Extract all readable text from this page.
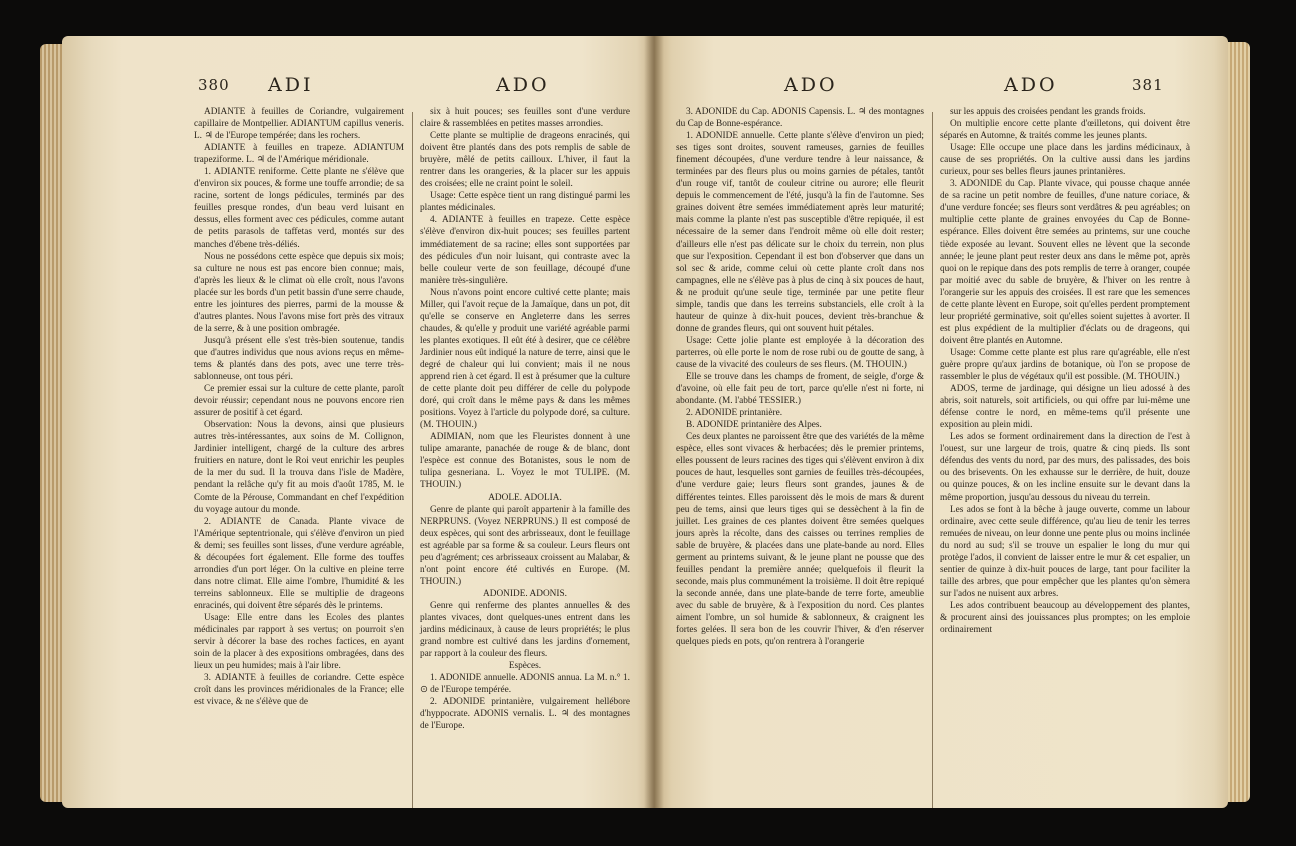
380 ADI	ADO

ADIANTE à feuilles de Coriandre, vulgairement capillaire de Montpellier. ADIANTUM capillus veneris. L. ♃ de l'Europe tempérée; dans les rochers.

ADIANTE à feuilles en trapeze. ADIANTUM trapeziforme. L. ♃ de l'Amérique méridionale.

1. ADIANTE reniforme. Cette plante ne s'élève que d'environ six pouces, & forme une touffe arrondie; de sa racine, sortent de longs pédicules, terminés par des feuilles presque rondes, d'un beau verd luisant en dessus, elles forment avec ces pédicules, comme autant de petits parasols de taffetas verd, montés sur des manches d'ébene très-déliés.

Nous ne possédons cette espèce que depuis six mois; sa culture ne nous est pas encore bien connue; mais, d'après les lieux & le climat où elle croît, nous l'avons placée sur les bords d'un petit bassin d'une serre chaude, entre les jointures des pierres, parmi de la mousse & d'autres plantes. Nous l'avons mise fort près des vitraux de la serre, & à une position ombragée.

Jusqu'à présent elle s'est très-bien soutenue, tandis que d'autres individus que nous avions reçus en même-tems & plantés dans des pots, avec une terre très-sablonneuse, ont tous péri.

Ce premier essai sur la culture de cette plante, paroît devoir réussir; cependant nous ne pouvons encore rien assurer de positif à cet égard.

Observation: Nous la devons, ainsi que plusieurs autres très-intéressantes, aux soins de M. Collignon, Jardinier intelligent, chargé de la culture des arbres fruitiers en nature, dont le Roi veut enrichir les peuples de la mer du sud. Il la trouva dans l'isle de Madère, pendant la relâche qu'y fit au mois d'août 1785, M. le Comte de la Pérouse, Commandant en chef l'expédition du voyage autour du monde.

2. ADIANTE de Canada. Plante vivace de l'Amérique septentrionale, qui s'élève d'environ un pied & demi; ses feuilles sont lisses, d'une verdure agréable, & découpées fort également. Elle forme des touffes arrondies d'un port léger. On la cultive en pleine terre dans notre climat. Elle aime l'ombre, l'humidité & les terreins sablonneux. Elle se multiplie de drageons enracinés, qui doivent être séparés dès le printems.

Usage: Elle entre dans les Ecoles des plantes médicinales par rapport à ses vertus; on pourroit s'en servir à décorer la base des roches factices, en ayant soin de la placer à des expositions ombragées, dans des lieux un peu humides; mais à l'air libre.

3. ADIANTE à feuilles de coriandre. Cette espèce croît dans les provinces méridionales de la France; elle est vivace, & ne s'élève que de

six à huit pouces; ses feuilles sont d'une verdure claire & rassemblées en petites masses arrondies.

Cette plante se multiplie de drageons enracinés, qui doivent être plantés dans des pots remplis de sable de bruyère, mêlé de petits cailloux. L'hiver, il faut la rentrer dans les orangeries, & la placer sur les appuis des croisées; elle ne craint point le soleil.

Usage: Cette espèce tient un rang distingué parmi les plantes médicinales.

4. ADIANTE à feuilles en trapeze. Cette espèce s'élève d'environ dix-huit pouces; ses feuilles partent immédiatement de sa racine; elles sont supportées par des pédicules d'un noir luisant, qui contraste avec la belle couleur verte de son feuillage, découpé d'une manière très-singulière.

Nous n'avons point encore cultivé cette plante; mais Miller, qui l'avoit reçue de la Jamaïque, dans un pot, dit qu'elle se conserve en Angleterre dans les serres chaudes, & qu'elle y produit une variété agréable parmi les plantes exotiques. Il eût été à desirer, que ce célèbre Jardinier nous eût indiqué la nature de terre, ainsi que le degré de chaleur qui lui convient; mais il ne nous apprend rien à cet égard. Il est à présumer que la culture de cette plante doit peu différer de celle du polypode doré, qui croît dans le même pays & dans les mêmes positions. Voyez à l'article du polypode doré, sa culture. (M. THOUIN.)

ADIMIAN, nom que les Fleuristes donnent à une tulipe amarante, panachée de rouge & de blanc, dont l'espèce est connue des Botanistes, sous le nom de tulipa gesneriana. L. Voyez le mot TULIPE. (M. THOUIN.)

ADOLE. ADOLIA.

Genre de plante qui paroît appartenir à la famille des NERPRUNS. (Voyez NERPRUNS.) Il est composé de deux espèces, qui sont des arbrisseaux, dont le feuillage est agréable par sa forme & sa couleur. Leurs fleurs ont peu d'agrément; ces arbrisseaux croissent au Malabar, & n'ont point encore été cultivés en Europe. (M. THOUIN.)

ADONIDE. ADONIS.

Genre qui renferme des plantes annuelles & des plantes vivaces, dont quelques-unes entrent dans les jardins médicinaux, à cause de leurs propriétés; le plus grand nombre est cultivé dans les jardins d'ornement, par rapport à la couleur des fleurs.

Espèces.

1. ADONIDE annuelle. ADONIS annua. La M. n.° 1. ⊙ de l'Europe tempérée.

2. ADONIDE printanière, vulgairement hellébore d'hyppocrate. ADONIS vernalis. L. ♃ des montagnes de l'Europe.

ADO	ADO	381

3. ADONIDE du Cap. ADONIS Capensis. L. ♃ des montagnes du Cap de Bonne-espérance.

1. ADONIDE annuelle. Cette plante s'élève d'environ un pied; ses tiges sont droites, souvent rameuses, garnies de feuilles finement découpées, d'une verdure tendre à leur naissance, & terminées par des fleurs plus ou moins garnies de pétales, tantôt d'un rouge vif, tantôt de couleur citrine ou aurore; elle fleurit depuis le commencement de l'été, jusqu'à la fin de l'automne. Ses graines doivent être semées immédiatement après leur maturité; mais comme la plante n'est pas susceptible d'être repiquée, il est nécessaire de la semer dans l'endroit même où elle doit rester; d'ailleurs elle n'est pas délicate sur le choix du terrein, non plus que sur l'exposition. Cependant il est bon d'observer que dans un sol sec & aride, comme celui où cette plante croît dans nos campagnes, elle ne s'élève pas à plus de cinq à six pouces de haut, & ne produit qu'une seule tige, terminée par une petite fleur simple, tandis que dans les terreins substanciels, elle croît à la hauteur de quinze à dix-huit pouces, devient très-branchue & donne de grandes fleurs, qui ont souvent huit pétales.

Usage: Cette jolie plante est employée à la décoration des parterres, où elle porte le nom de rose rubi ou de goutte de sang, à cause de la vivacité des couleurs de ses fleurs. (M. THOUIN.)

Elle se trouve dans les champs de froment, de seigle, d'orge & d'avoine, où elle fait peu de tort, parce qu'elle n'est ni forte, ni abondante. (M. l'abbé TESSIER.)

2. ADONIDE printanière.

B. ADONIDE printanière des Alpes.

Ces deux plantes ne paroissent être que des variétés de la même espèce, elles sont vivaces & herbacées; dès le premier printems, elles poussent de leurs racines des tiges qui s'élèvent environ à dix pouces de haut, lesquelles sont garnies de feuilles très-découpées, d'une verdure gaie; leurs fleurs sont grandes, jaunes & de différentes teintes. Elles paroissent dès le mois de mars & durent peu de tems, ainsi que leurs tiges qui se dessèchent à la fin de juillet. Les graines de ces plantes doivent être semées quelques jours après la récolte, dans des caisses ou terrines remplies de sable de bruyère, & placées dans une plate-bande au nord. Elles germent au printems suivant, & le jeune plant ne pousse que des feuilles pendant la première année; quelquefois il fleurit la seconde, mais plus communément la troisième. Il doit être repiqué la seconde année, dans une plate-bande de terre forte, ameublie avec du sable de bruyère, & à l'exposition du nord. Ces plantes aiment l'ombre, un sol humide & sablonneux, & craignent les fortes gelées. Il sera bon de les couvrir l'hiver, & d'en réserver quelques pieds en pots, qu'on rentrera à l'orangerie

sur les appuis des croisées pendant les grands froids.

On multiplie encore cette plante d'œilletons, qui doivent être séparés en Automne, & traités comme les jeunes plants.

Usage: Elle occupe une place dans les jardins médicinaux, à cause de ses propriétés. On la cultive aussi dans les jardins curieux, pour ses belles fleurs jaunes printanières.

3. ADONIDE du Cap. Plante vivace, qui pousse chaque année de sa racine un petit nombre de feuilles, d'une nature coriace, & d'une verdure foncée; ses fleurs sont verdâtres & peu agréables; on multiplie cette plante de graines envoyées du Cap de Bonne-espérance. Elles doivent être semées au printems, sur une couche tiède exposée au levant. Souvent elles ne lèvent que la seconde année; le jeune plant peut rester deux ans dans le même pot, après quoi on le repique dans des pots remplis de terre à oranger, coupée par moitié avec du sable de bruyère, & l'hiver on les rentre à l'orangerie sur les appuis des croisées. Il est rare que les semences de cette plante lèvent en Europe, soit qu'elles perdent promptement leur propriété germinative, soit qu'elles soient sujettes à avorter. Il est plus expédient de la multiplier d'éclats ou de drageons, qui doivent être plantés en Automne.

Usage: Comme cette plante est plus rare qu'agréable, elle n'est guère propre qu'aux jardins de botanique, où l'on se propose de rassembler le plus de végétaux qu'il est possible. (M. THOUIN.)

ADOS, terme de jardinage, qui désigne un lieu adossé à des abris, soit naturels, soit artificiels, ou qui offre par lui-même une défense contre le nord, en même-tems qu'il présente une exposition au plein midi.

Les ados se forment ordinairement dans la direction de l'est à l'ouest, sur une largeur de trois, quatre & cinq pieds. Ils sont défendus des vents du nord, par des murs, des palissades, des bois ou des brisevents. On les exhausse sur le derrière, de huit, douze ou quinze pouces, & on les incline ensuite sur le devant dans la même proportion, jusqu'au dessous du niveau du terrein.

Les ados se font à la bêche à jauge ouverte, comme un labour ordinaire, avec cette seule différence, qu'au lieu de tenir les terres remuées de niveau, on leur donne une pente plus ou moins inclinée du nord au sud; s'il se trouve un espalier le long du mur qui protège l'ados, il convient de laisser entre le mur & cet espalier, un sentier de quinze à dix-huit pouces de large, tant pour faciliter la taille des arbres, que pour empêcher que les plantes qu'on sèmera sur l'ados ne nuisent aux arbres.

Les ados contribuent beaucoup au développement des plantes, & procurent ainsi des jouissances plus promptes; on les emploie ordinairement
